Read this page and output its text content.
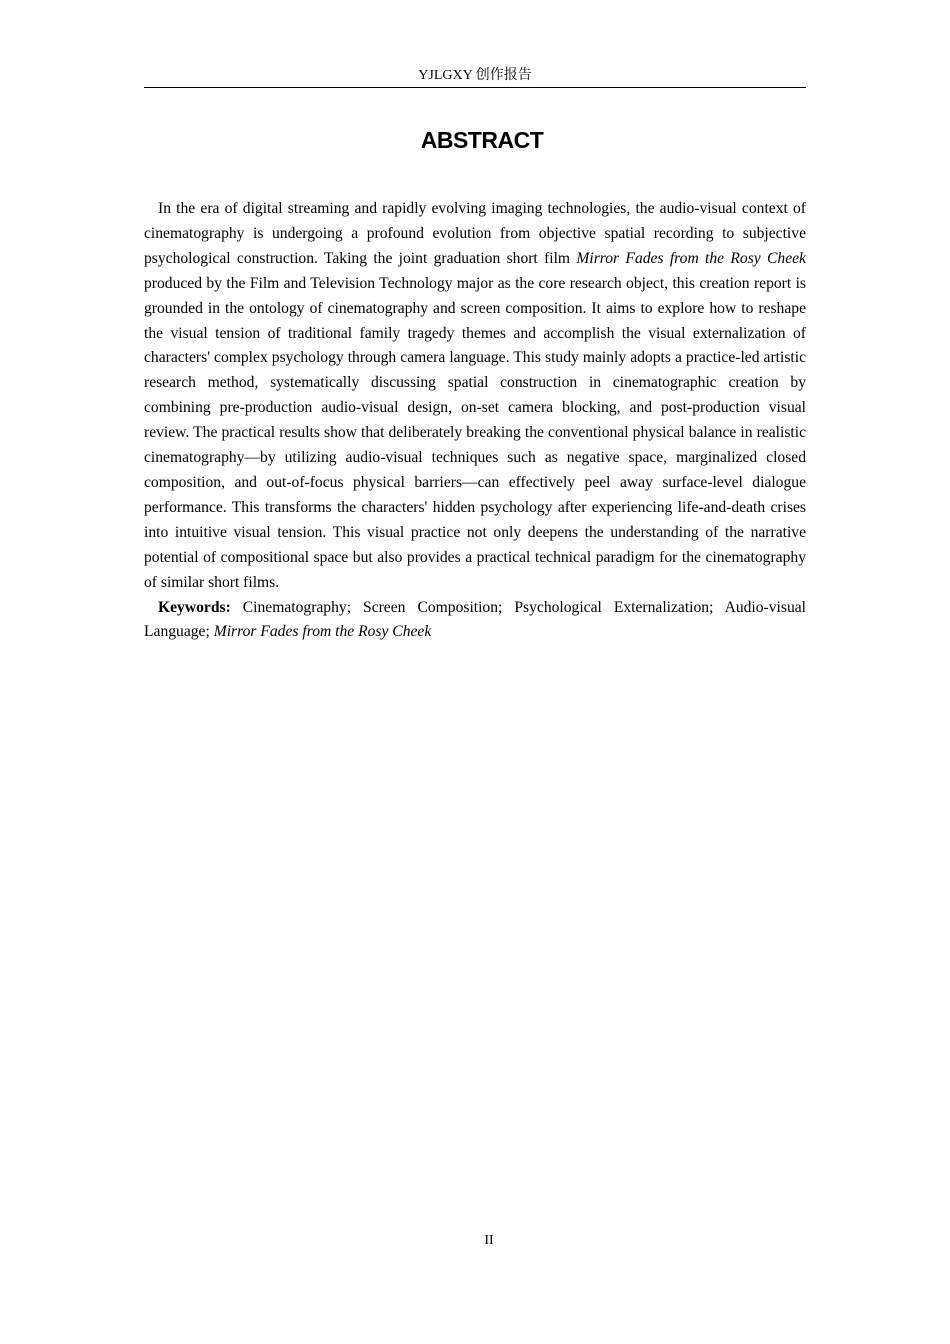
YJLGXY 创作报告
ABSTRACT

In the era of digital streaming and rapidly evolving imaging technologies, the audio-visual context of cinematography is undergoing a profound evolution from objective spatial recording to subjective psychological construction. Taking the joint graduation short film Mirror Fades from the Rosy Cheek produced by the Film and Television Technology major as the core research object, this creation report is grounded in the ontology of cinematography and screen composition. It aims to explore how to reshape the visual tension of traditional family tragedy themes and accomplish the visual externalization of characters' complex psychology through camera language. This study mainly adopts a practice-led artistic research method, systematically discussing spatial construction in cinematographic creation by combining pre-production audio-visual design, on-set camera blocking, and post-production visual review. The practical results show that deliberately breaking the conventional physical balance in realistic cinematography—by utilizing audio-visual techniques such as negative space, marginalized closed composition, and out-of-focus physical barriers—can effectively peel away surface-level dialogue performance. This transforms the characters' hidden psychology after experiencing life-and-death crises into intuitive visual tension. This visual practice not only deepens the understanding of the narrative potential of compositional space but also provides a practical technical paradigm for the cinematography of similar short films.

Keywords: Cinematography; Screen Composition; Psychological Externalization; Audio-visual Language; Mirror Fades from the Rosy Cheek

II
